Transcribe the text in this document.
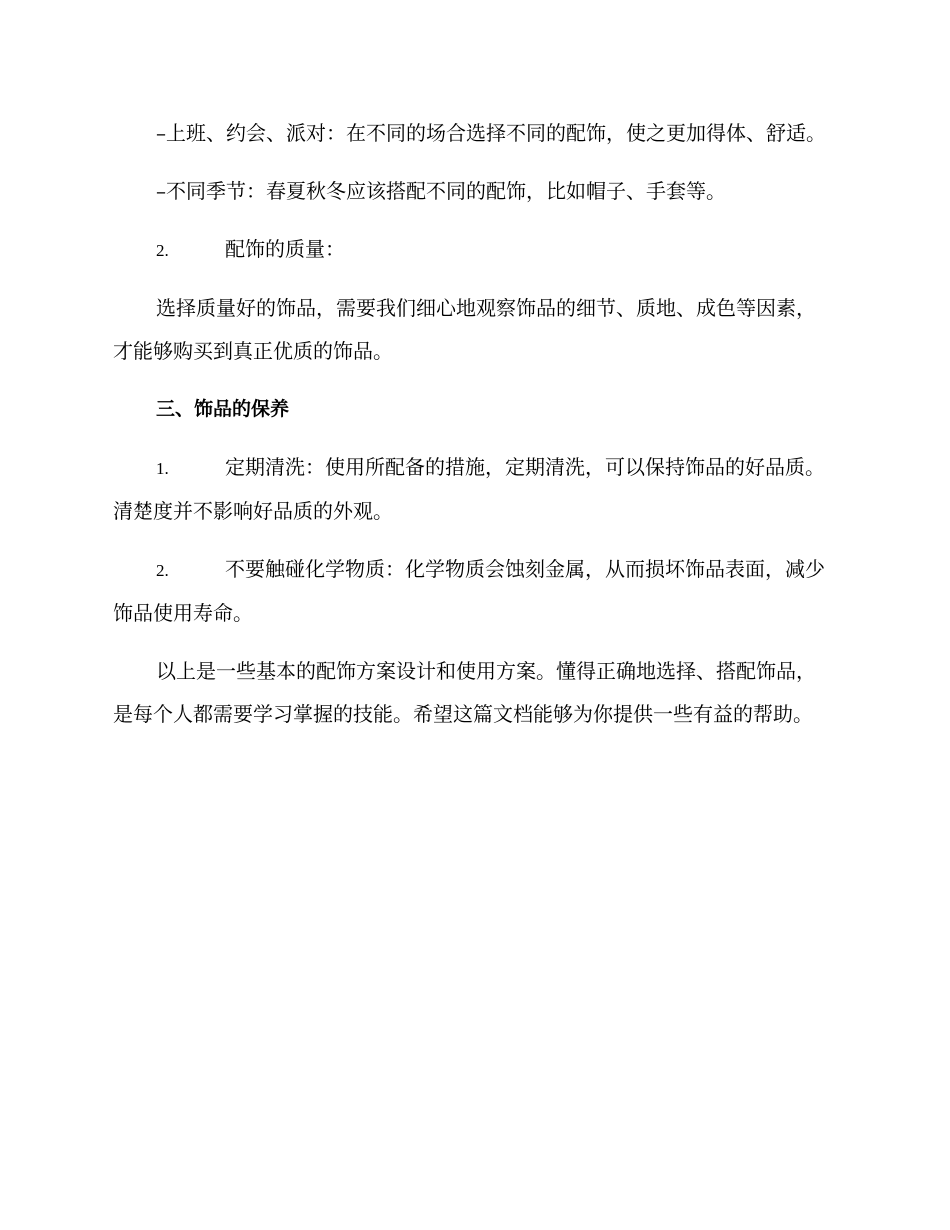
–上班、约会、派对：在不同的场合选择不同的配饰，使之更加得体、舒适。

–不同季节：春夏秋冬应该搭配不同的配饰，比如帽子、手套等。

2.	配饰的质量：

选择质量好的饰品，需要我们细心地观察饰品的细节、质地、成色等因素，才能够购买到真正优质的饰品。

三、饰品的保养

1.	定期清洗：使用所配备的措施，定期清洗，可以保持饰品的好品质。清楚度并不影响好品质的外观。

2.	不要触碰化学物质：化学物质会蚀刻金属，从而损坏饰品表面，减少饰品使用寿命。

以上是一些基本的配饰方案设计和使用方案。懂得正确地选择、搭配饰品，是每个人都需要学习掌握的技能。希望这篇文档能够为你提供一些有益的帮助。
